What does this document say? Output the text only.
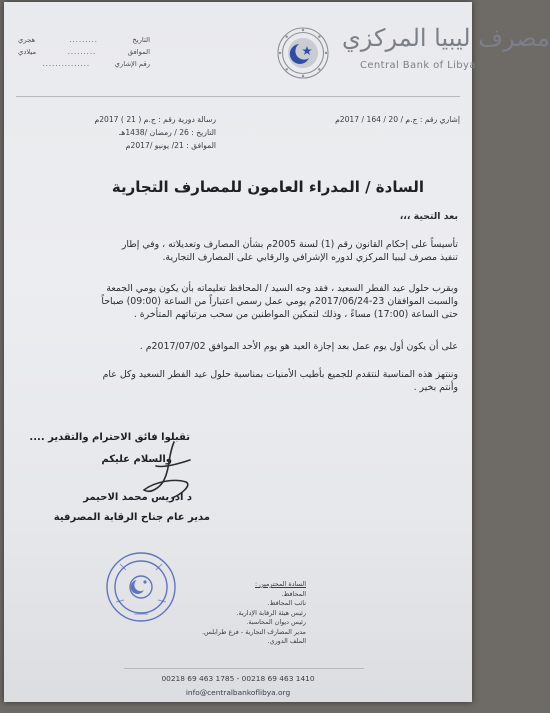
مصرف ليبيا المركزي
Central Bank of Libya
هجري	.........	التاريخ
ميلادي	.........	الموافق
...............	رقم الإشاري
إشاري رقم : ج.م / 20 / 164 / 2017م
رسالة دورية رقم : ج.م ( 21 ) 2017م
التاريخ : 26 / رمضان /1438هـ
الموافق : 21/ يونيو /2017م
السادة / المدراء العامون للمصارف التجارية
بعد التحية ،،،
تأسيساً على إحكام القانون رقم (1) لسنة 2005م بشأن المصارف وتعديلاته ، وفي إطار
تنفيذ مصرف ليبيا المركزي لدوره الإشرافي والرقابي على المصارف التجارية.
وبقرب حلول عيد الفطر السعيد ، فقد وجه السيد / المحافظ تعليماته بأن يكون يومي الجمعة
والسبت الموافقان 23-2017/06/24م يومي عمل رسمي اعتباراً من الساعة (09:00) صباحاً
حتى الساعة (17:00) مساءً ، وذلك لتمكين المواطنين من سحب مرتباتهم المتأخرة .
على أن يكون أول يوم عمل بعد إجازة العيد هو يوم الأحد الموافق 2017/07/02م .
وننتهز هذه المناسبة لنتقدم للجميع بأطيب الأمنيات بمناسبة حلول عيد الفطر السعيد وكل عام
وأنتم بخير .
تقبلوا فائق الاحترام والتقدير ....
والسلام عليكم
د ادريس محمد الاحيمر
مدير عام جناح الرقابة المصرفية
السادة المحترمين :
المحافظ.
نائب المحافظ.
رئيس هيئة الرقابة الإدارية.
رئيس ديوان المحاسبة.
مدير المصارف التجارية - فرع طرابلس.
الملف الدوري.
00218 69 463 1785 - 00218 69 463 1410
info@centralbankoflibya.org
